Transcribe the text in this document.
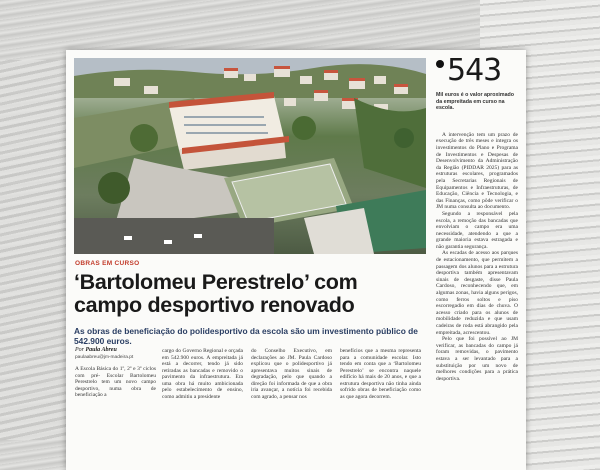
543
Mil euros é o valor aproximado da empreitada em curso na escola.

A intervenção tem um prazo de execução de três meses e integra os investimentos do Plano e Programa de Investimentos e Despesas de Desenvolvimento da Administração da Região (PIDDAR 2025) para as estruturas escolares, programados pela Secretarias Regionais de Equipamentos e Infraestruturas, de Educação, Ciência e Tecnologia, e das Finanças, como pôde verificar o JM numa consulta ao documento.

Segundo a responsável pela escola, a remoção das bancadas que envolviam o campo era uma necessidade, atendendo a que a grande maioria estava estragada e não garantia segurança.

As escadas de acesso aos parques de estacionamento, que permitem a passagem dos alunos para a estrutura desportiva também apresentavam sinais de desgaste, disse Paula Cardoso, reconhecendo que, em algumas zonas, havia alguns perigos, como ferros soltos e piso escorregadio em dias de chuva. O acesso criado para os alunos de mobilidade reduzida e que usam cadeiras de roda está abrangido pela empreitada, acrescentou.

Pelo que foi possível ao JM verificar, as bancadas do campo já foram removidas, o pavimento estava a ser levantado para a substituição por um novo de melhores condições para a prática desportiva.

OBRAS EM CURSO
‘Bartolomeu Perestrelo’ com campo desportivo renovado

As obras de beneficiação do polidesportivo da escola são um investimento público de 542.900 euros.

Por Paula Abreu
paulaabreu@jm-madeira.pt

A Escola Básica do 1º, 2º e 3º ciclos com pré- Escolar Bartolomeu Perestrelo tem um novo campo desportivo, numa obra de beneficiação a

cargo do Governo Regional e orçada em 542.900 euros. A empreitada já está a decorrer, tendo já sido retiradas as bancadas e removido o pavimento da infraestrutura. Era uma obra há muito ambicionada pelo estabelecimento de ensino, como admitiu a presidente

do Conselho Executivo, em declarações ao JM. Paula Cardoso explicou que o polidesportivo já apresentava muitos sinais de degradação, pelo que quando a direção foi informada de que a obra iria avançar, a notícia foi recebida com agrado, a pensar nos

benefícios que a mesma representa para a comunidade escolar. Isto tendo em conta que a ‘Bartolomeu Perestrelo’ se encontra naquele edifício há mais de 20 anos, e que a estrutura desportiva não tinha ainda sofrido obras de beneficiação como as que agora decorrem.
